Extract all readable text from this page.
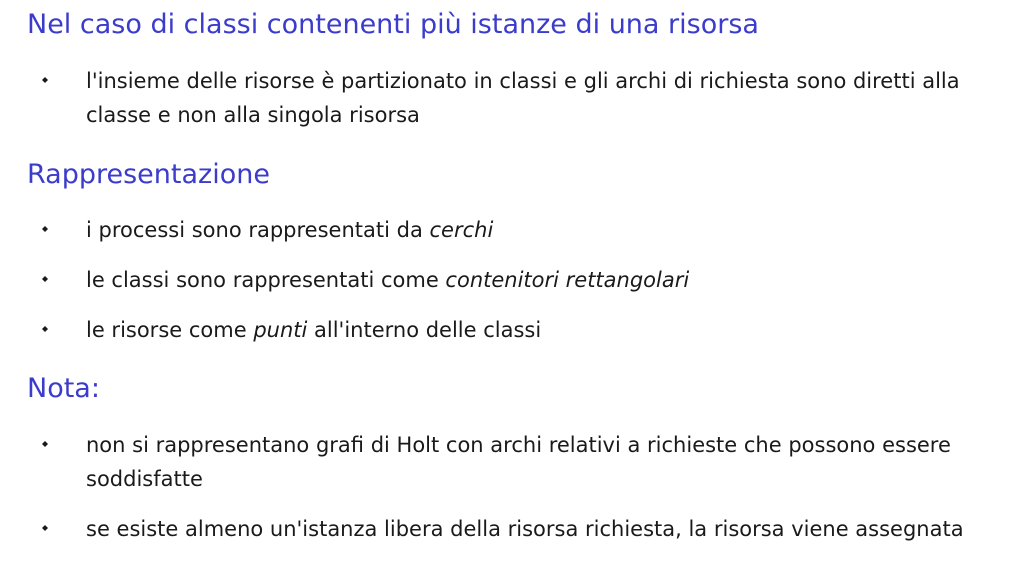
Nel caso di classi contenenti più istanze di una risorsa

l'insieme delle risorse è partizionato in classi e gli archi di richiesta sono diretti alla classe e non alla singola risorsa

Rappresentazione

i processi sono rappresentati da cerchi

le classi sono rappresentati come contenitori rettangolari

le risorse come punti all'interno delle classi

Nota:

non si rappresentano grafi di Holt con archi relativi a richieste che possono essere soddisfatte

se esiste almeno un'istanza libera della risorsa richiesta, la risorsa viene assegnata
